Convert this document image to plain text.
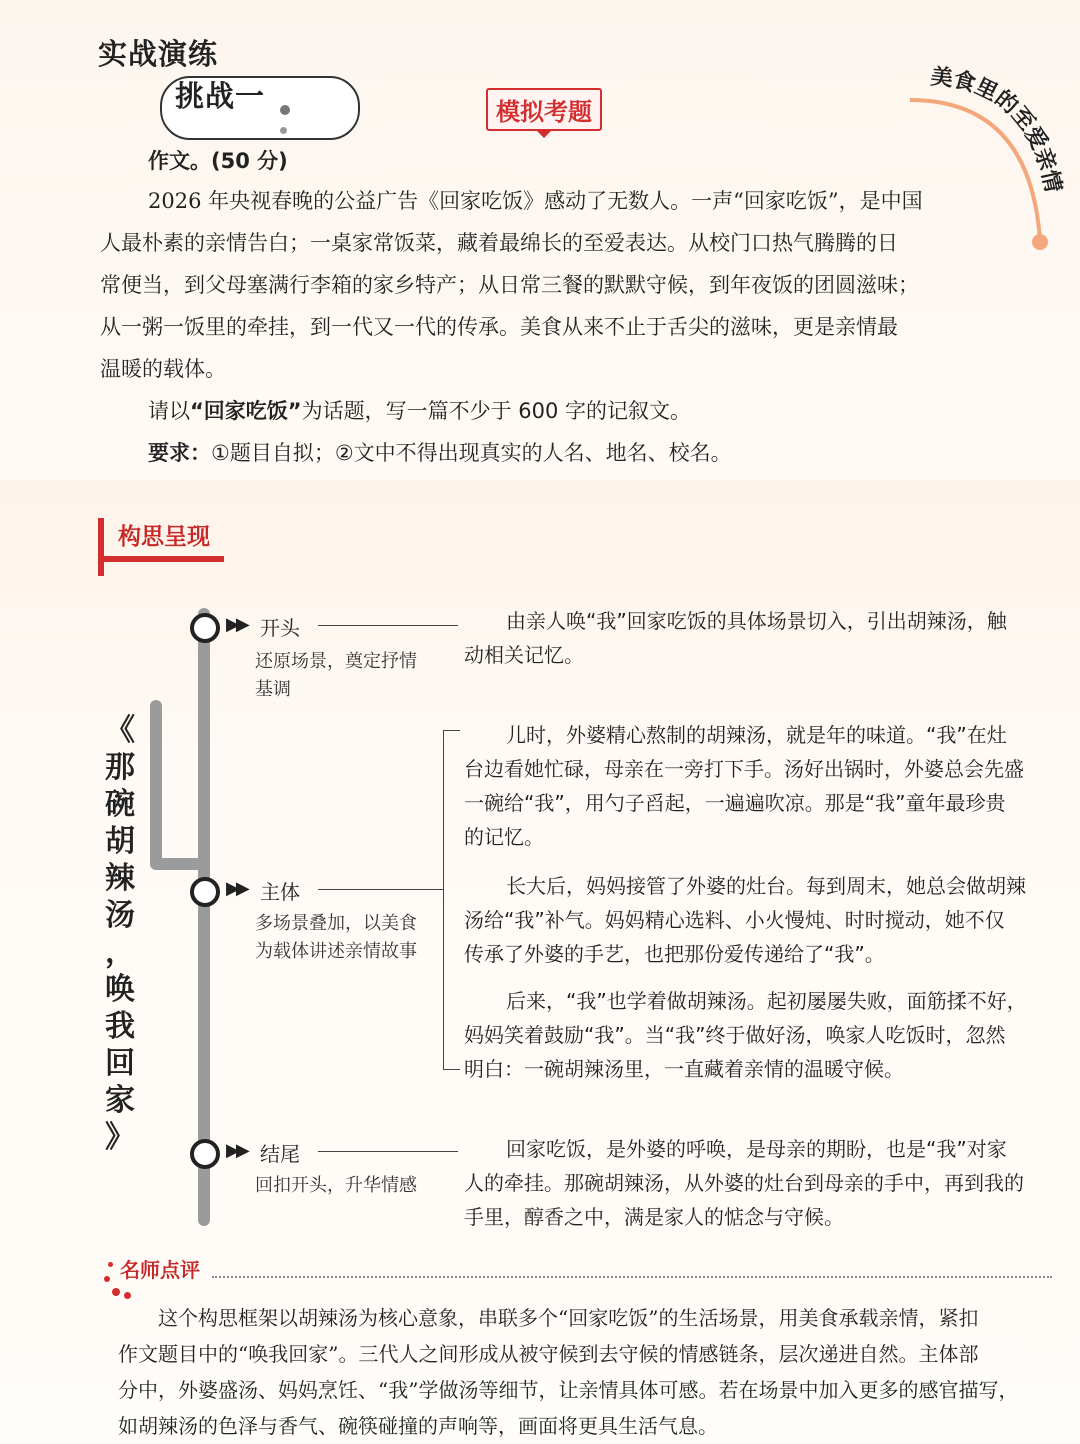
实战演练
挑战一	模拟考题
美食里的至爱亲情
作文。(50 分)
2026 年央视春晚的公益广告《回家吃饭》感动了无数人。一声“回家吃饭”，是中国
人最朴素的亲情告白；一桌家常饭菜，藏着最绵长的至爱表达。从校门口热气腾腾的日
常便当，到父母塞满行李箱的家乡特产；从日常三餐的默默守候，到年夜饭的团圆滋味；
从一粥一饭里的牵挂，到一代又一代的传承。美食从来不止于舌尖的滋味，更是亲情最
温暖的载体。
请以“回家吃饭”为话题，写一篇不少于 600 字的记叙文。
要求：①题目自拟；②文中不得出现真实的人名、地名、校名。
构思呈现
《
那
碗
胡
辣
汤
，
唤
我
回
家
》
▶▶ 开头
还原场景，奠定抒情
基调
▶▶ 主体
多场景叠加，以美食
为载体讲述亲情故事
▶▶ 结尾
回扣开头，升华情感
由亲人唤“我”回家吃饭的具体场景切入，引出胡辣汤，触
动相关记忆。
儿时，外婆精心熬制的胡辣汤，就是年的味道。“我”在灶
台边看她忙碌，母亲在一旁打下手。汤好出锅时，外婆总会先盛
一碗给“我”，用勺子舀起，一遍遍吹凉。那是“我”童年最珍贵
的记忆。
长大后，妈妈接管了外婆的灶台。每到周末，她总会做胡辣
汤给“我”补气。妈妈精心选料、小火慢炖、时时搅动，她不仅
传承了外婆的手艺，也把那份爱传递给了“我”。
后来，“我”也学着做胡辣汤。起初屡屡失败，面筋揉不好，
妈妈笑着鼓励“我”。当“我”终于做好汤，唤家人吃饭时，忽然
明白：一碗胡辣汤里，一直藏着亲情的温暖守候。
回家吃饭，是外婆的呼唤，是母亲的期盼，也是“我”对家
人的牵挂。那碗胡辣汤，从外婆的灶台到母亲的手中，再到我的
手里，醇香之中，满是家人的惦念与守候。
名师点评
这个构思框架以胡辣汤为核心意象，串联多个“回家吃饭”的生活场景，用美食承载亲情，紧扣
作文题目中的“唤我回家”。三代人之间形成从被守候到去守候的情感链条，层次递进自然。主体部
分中，外婆盛汤、妈妈烹饪、“我”学做汤等细节，让亲情具体可感。若在场景中加入更多的感官描写，
如胡辣汤的色泽与香气、碗筷碰撞的声响等，画面将更具生活气息。
